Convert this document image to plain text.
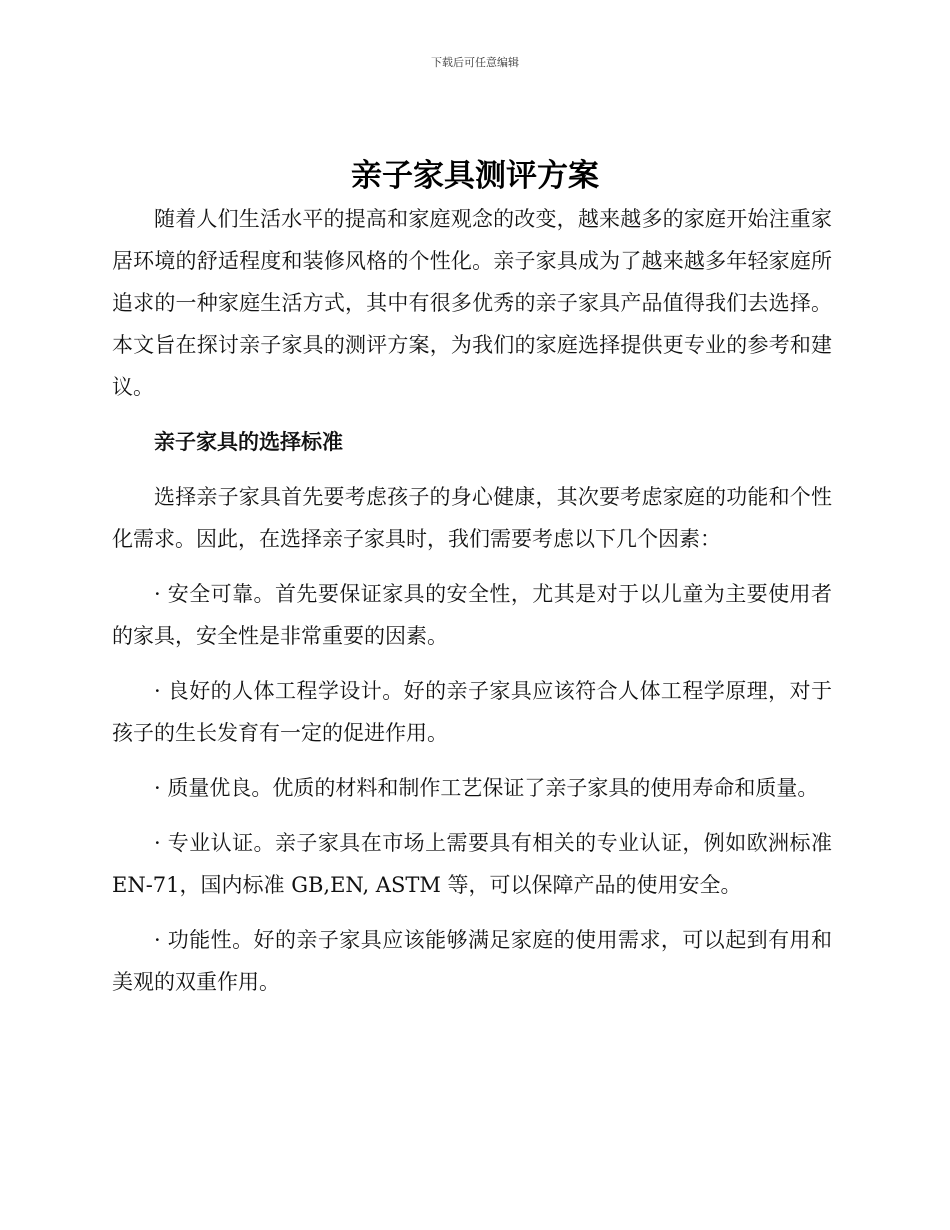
下载后可任意编辑
亲子家具测评方案

随着人们生活水平的提高和家庭观念的改变，越来越多的家庭开始注重家居环境的舒适程度和装修风格的个性化。亲子家具成为了越来越多年轻家庭所追求的一种家庭生活方式，其中有很多优秀的亲子家具产品值得我们去选择。本文旨在探讨亲子家具的测评方案，为我们的家庭选择提供更专业的参考和建议。

亲子家具的选择标准

选择亲子家具首先要考虑孩子的身心健康，其次要考虑家庭的功能和个性化需求。因此，在选择亲子家具时，我们需要考虑以下几个因素：

· 安全可靠。首先要保证家具的安全性，尤其是对于以儿童为主要使用者的家具，安全性是非常重要的因素。

· 良好的人体工程学设计。好的亲子家具应该符合人体工程学原理，对于孩子的生长发育有一定的促进作用。

· 质量优良。优质的材料和制作工艺保证了亲子家具的使用寿命和质量。

· 专业认证。亲子家具在市场上需要具有相关的专业认证，例如欧洲标准 EN-71，国内标准 GB,EN, ASTM 等，可以保障产品的使用安全。

· 功能性。好的亲子家具应该能够满足家庭的使用需求，可以起到有用和美观的双重作用。
